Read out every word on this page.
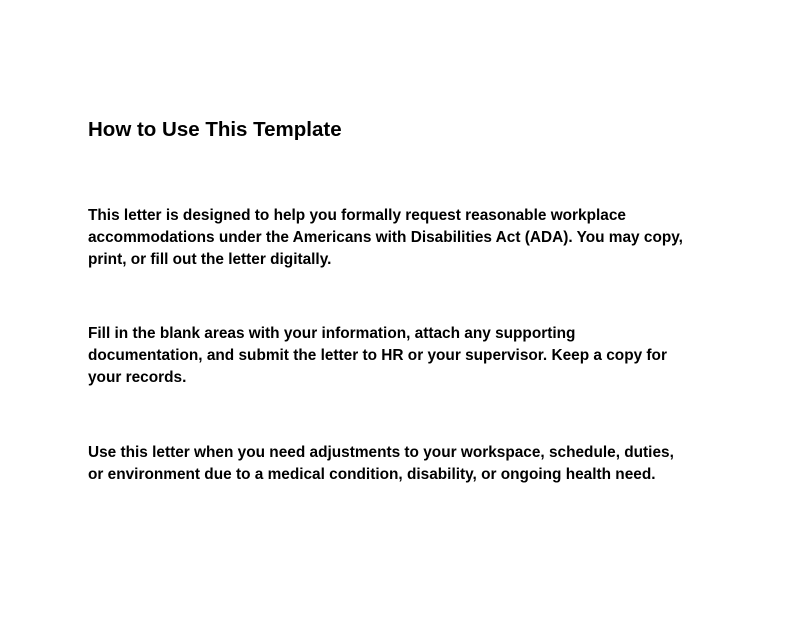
How to Use This Template

This letter is designed to help you formally request reasonable workplace
accommodations under the Americans with Disabilities Act (ADA). You may copy,
print, or fill out the letter digitally.

Fill in the blank areas with your information, attach any supporting
documentation, and submit the letter to HR or your supervisor. Keep a copy for
your records.

Use this letter when you need adjustments to your workspace, schedule, duties,
or environment due to a medical condition, disability, or ongoing health need.
